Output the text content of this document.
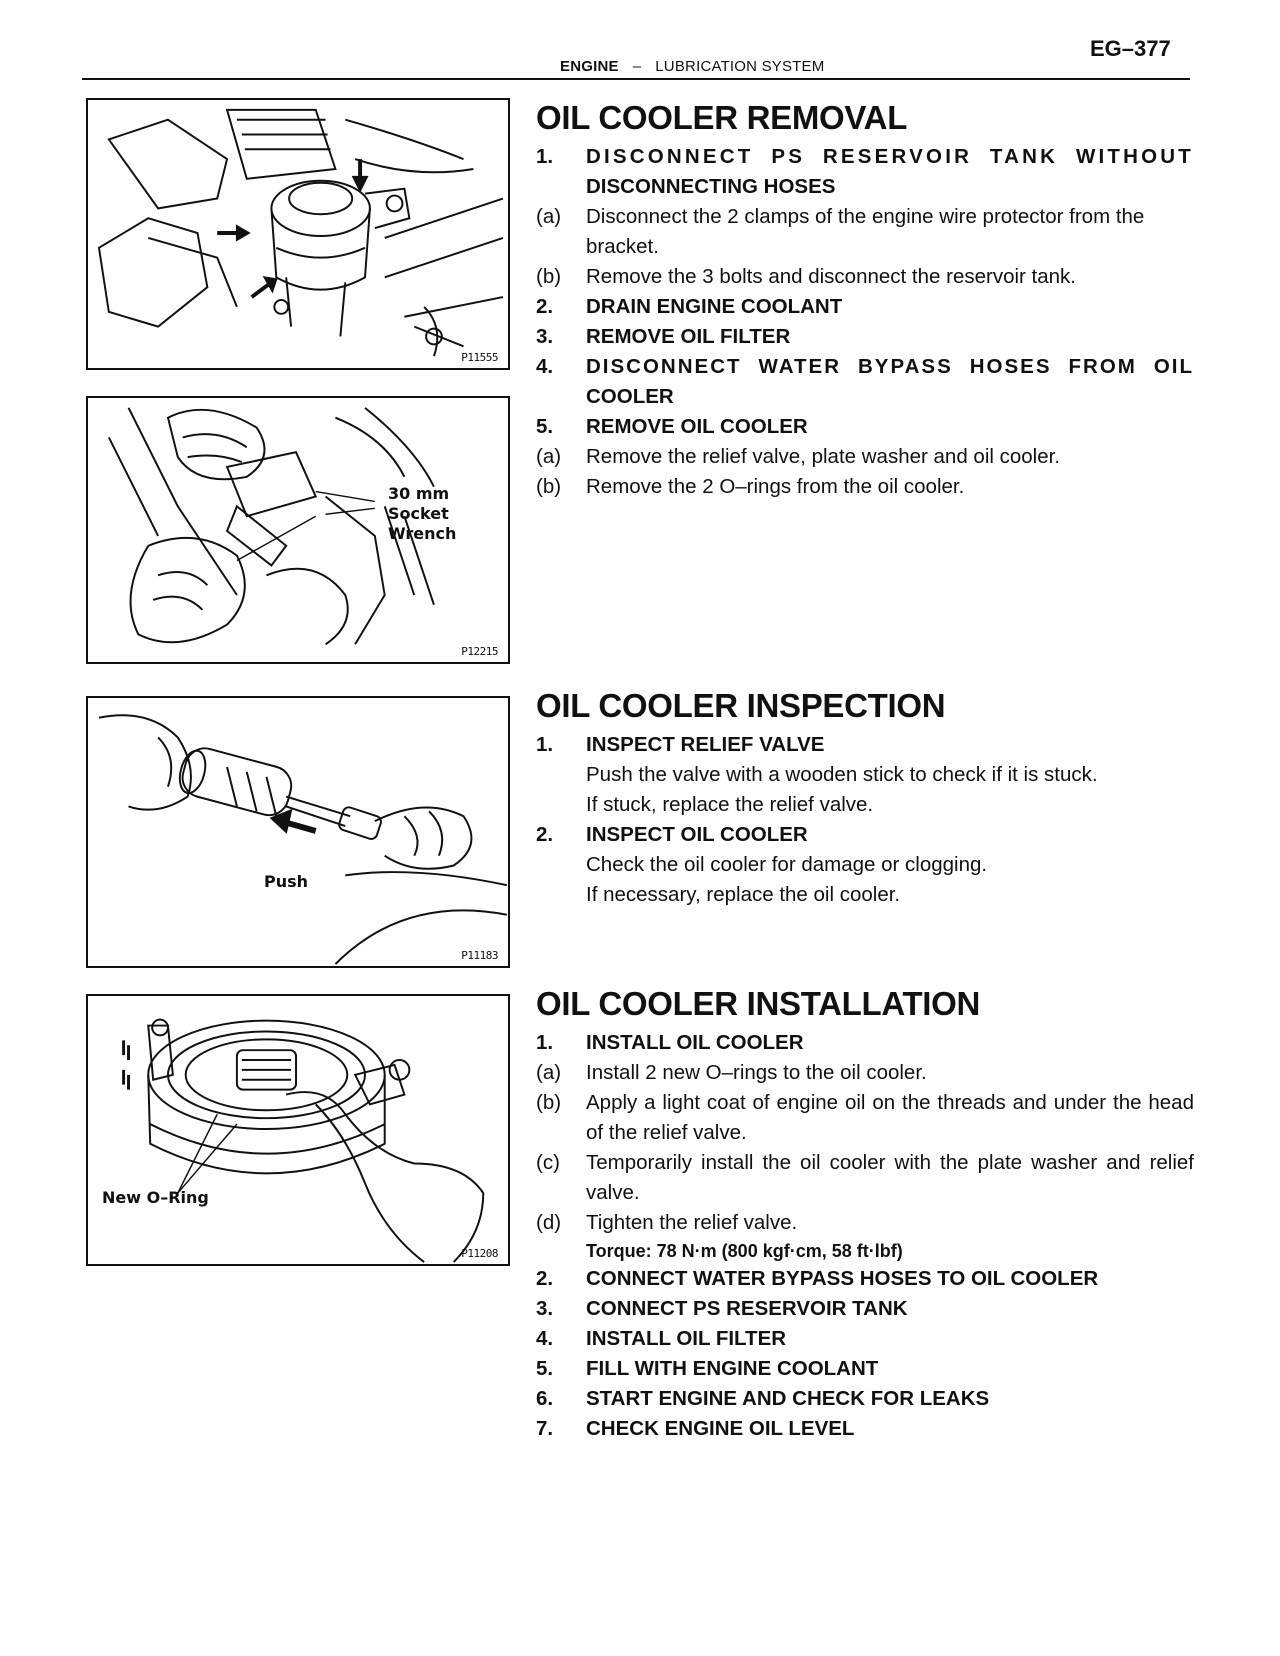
EG–377
ENGINE – LUBRICATION SYSTEM
P11555
30 mm
Socket
Wrench
P12215
Push
P11183
New O–Ring
P11208
OIL COOLER REMOVAL
1.	DISCONNECT PS RESERVOIR TANK WITHOUT
DISCONNECTING HOSES
(a)	Disconnect the 2 clamps of the engine wire protector from the bracket.
(b)	Remove the 3 bolts and disconnect the reservoir tank.
2.	DRAIN ENGINE COOLANT
3.	REMOVE OIL FILTER
4.	DISCONNECT WATER BYPASS HOSES FROM OIL
COOLER
5.	REMOVE OIL COOLER
(a)	Remove the relief valve, plate washer and oil cooler.
(b)	Remove the 2 O–rings from the oil cooler.
OIL COOLER INSPECTION
1.	INSPECT RELIEF VALVE
Push the valve with a wooden stick to check if it is stuck.
If stuck, replace the relief valve.
2.	INSPECT OIL COOLER
Check the oil cooler for damage or clogging.
If necessary, replace the oil cooler.
OIL COOLER INSTALLATION
1.	INSTALL OIL COOLER
(a)	Install 2 new O–rings to the oil cooler.
(b)	Apply a light coat of engine oil on the threads and under the head of the relief valve.
(c)	Temporarily install the oil cooler with the plate washer and relief valve.
(d)	Tighten the relief valve.
Torque: 78 N·m (800 kgf·cm, 58 ft·lbf)
2.	CONNECT WATER BYPASS HOSES TO OIL COOLER
3.	CONNECT PS RESERVOIR TANK
4.	INSTALL OIL FILTER
5.	FILL WITH ENGINE COOLANT
6.	START ENGINE AND CHECK FOR LEAKS
7.	CHECK ENGINE OIL LEVEL
